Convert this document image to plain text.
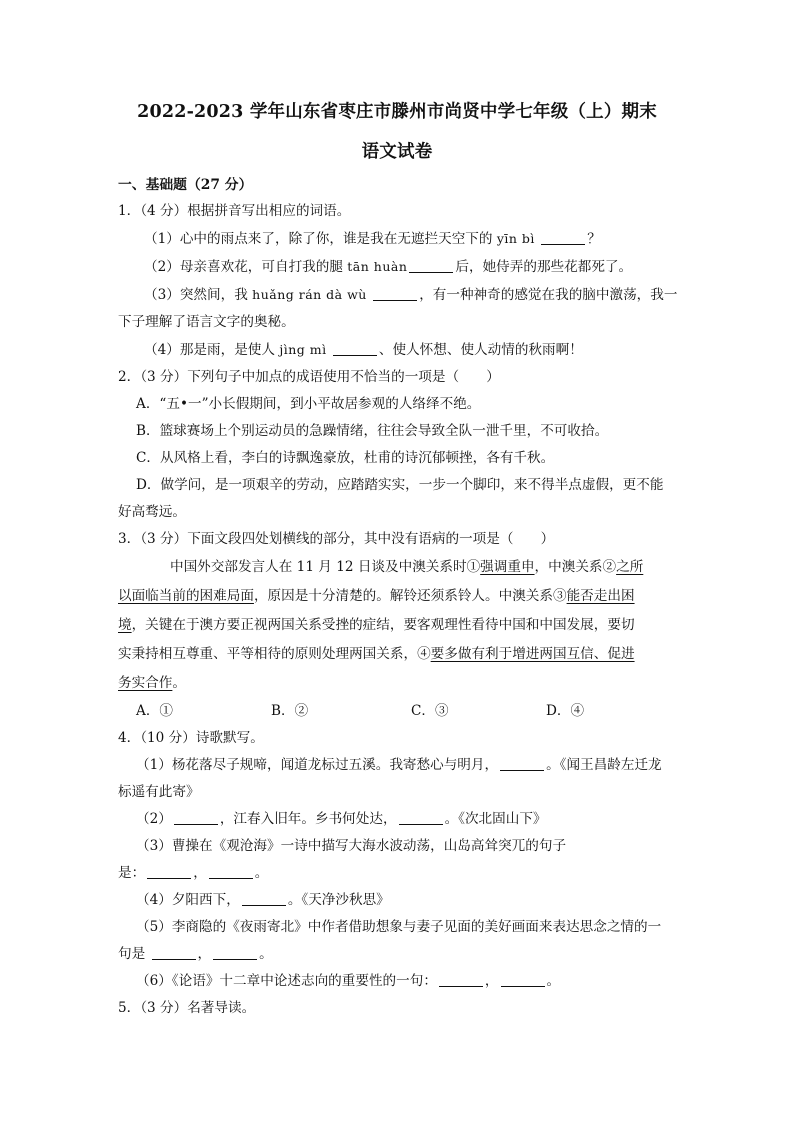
2022-2023 学年山东省枣庄市滕州市尚贤中学七年级（上）期末
语文试卷
一、基础题（27 分）
1．（4 分）根据拼音写出相应的词语。
（1）心中的雨点来了，除了你，谁是我在无遮拦天空下的 yīn bì	？
（2）母亲喜欢花，可自打我的腿 tān huàn	后，她侍弄的那些花都死了。
（3）突然间，我 huǎng rán dà wù	，有一种神奇的感觉在我的脑中激荡，我一
下子理解了语言文字的奥秘。
（4）那是雨，是使人 jìng mì	、使人怀想、使人动情的秋雨啊！
2．（3 分）下列句子中加点的成语使用不恰当的一项是（　　）
A．“五•一”小长假期间，到小平故居参观的人络绎不绝。
B．篮球赛场上个别运动员的急躁情绪，往往会导致全队一泄千里，不可收拾。
C．从风格上看，李白的诗飘逸豪放，杜甫的诗沉郁顿挫，各有千秋。
D．做学问，是一项艰辛的劳动，应踏踏实实，一步一个脚印，来不得半点虚假，更不能
好高骛远。
3．（3 分）下面文段四处划横线的部分，其中没有语病的一项是（　　）
中国外交部发言人在 11 月 12 日谈及中澳关系时①强调重申，中澳关系②之所
以面临当前的困难局面，原因是十分清楚的。解铃还须系铃人。中澳关系③能否走出困
境，关键在于澳方要正视两国关系受挫的症结，要客观理性看待中国和中国发展，要切
实秉持相互尊重、平等相待的原则处理两国关系，④要多做有利于增进两国互信、促进
务实合作。
A．①	B．②	C．③	D．④
4．（10 分）诗歌默写。
（1）杨花落尽子规啼，闻道龙标过五溪。我寄愁心与明月，	。《闻王昌龄左迁龙
标遥有此寄》
（2）	，江春入旧年。乡书何处达，	。《次北固山下》
（3）曹操在《观沧海》一诗中描写大海水波动荡，山岛高耸突兀的句子
是：	，	。
（4）夕阳西下，	。《天净沙秋思》
（5）李商隐的《夜雨寄北》中作者借助想象与妻子见面的美好画面来表达思念之情的一
句是	，	。
（6）《论语》十二章中论述志向的重要性的一句：	，	。
5．（3 分）名著导读。
